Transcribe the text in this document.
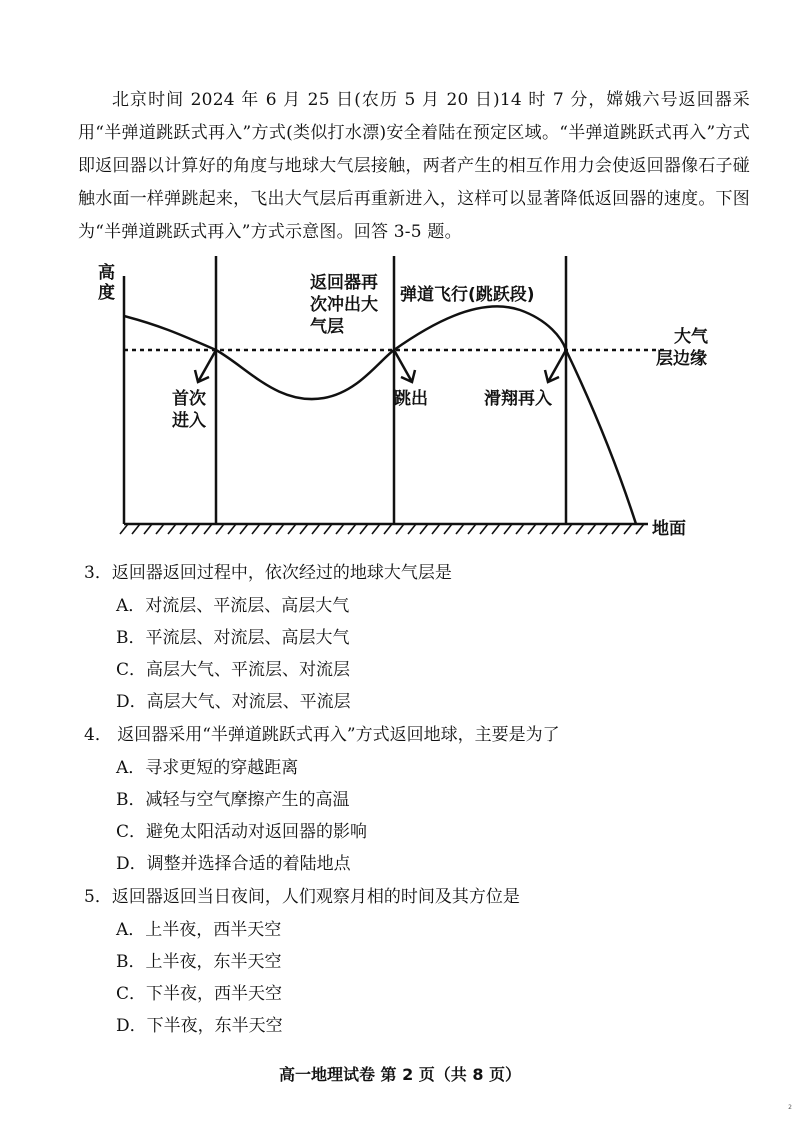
北京时间 2024 年 6 月 25 日(农历 5 月 20 日)14 时 7 分，嫦娥六号返回器采用“半弹道跳跃式再入”方式(类似打水漂)安全着陆在预定区域。“半弹道跳跃式再入”方式即返回器以计算好的角度与地球大气层接触，两者产生的相互作用力会使返回器像石子碰触水面一样弹跳起来，飞出大气层后再重新进入，这样可以显著降低返回器的速度。下图为“半弹道跳跃式再入”方式示意图。回答 3-5 题。

高
度	返回器再
次冲出大
气层
弹道飞行(跳跃段)
大气
层边缘
首次
进入
跳出	滑翔再入
地面

3．返回器返回过程中，依次经过的地球大气层是

A．对流层、平流层、高层大气

B．平流层、对流层、高层大气

C．高层大气、平流层、对流层

D．高层大气、对流层、平流层

4． 返回器采用“半弹道跳跃式再入”方式返回地球，主要是为了

A．寻求更短的穿越距离

B．减轻与空气摩擦产生的高温

C．避免太阳活动对返回器的影响

D．调整并选择合适的着陆地点

5．返回器返回当日夜间，人们观察月相的时间及其方位是

A．上半夜，西半天空

B．上半夜，东半天空

C．下半夜，西半天空

D．下半夜，东半天空

高一地理试卷 第 2 页（共 8 页）
2
